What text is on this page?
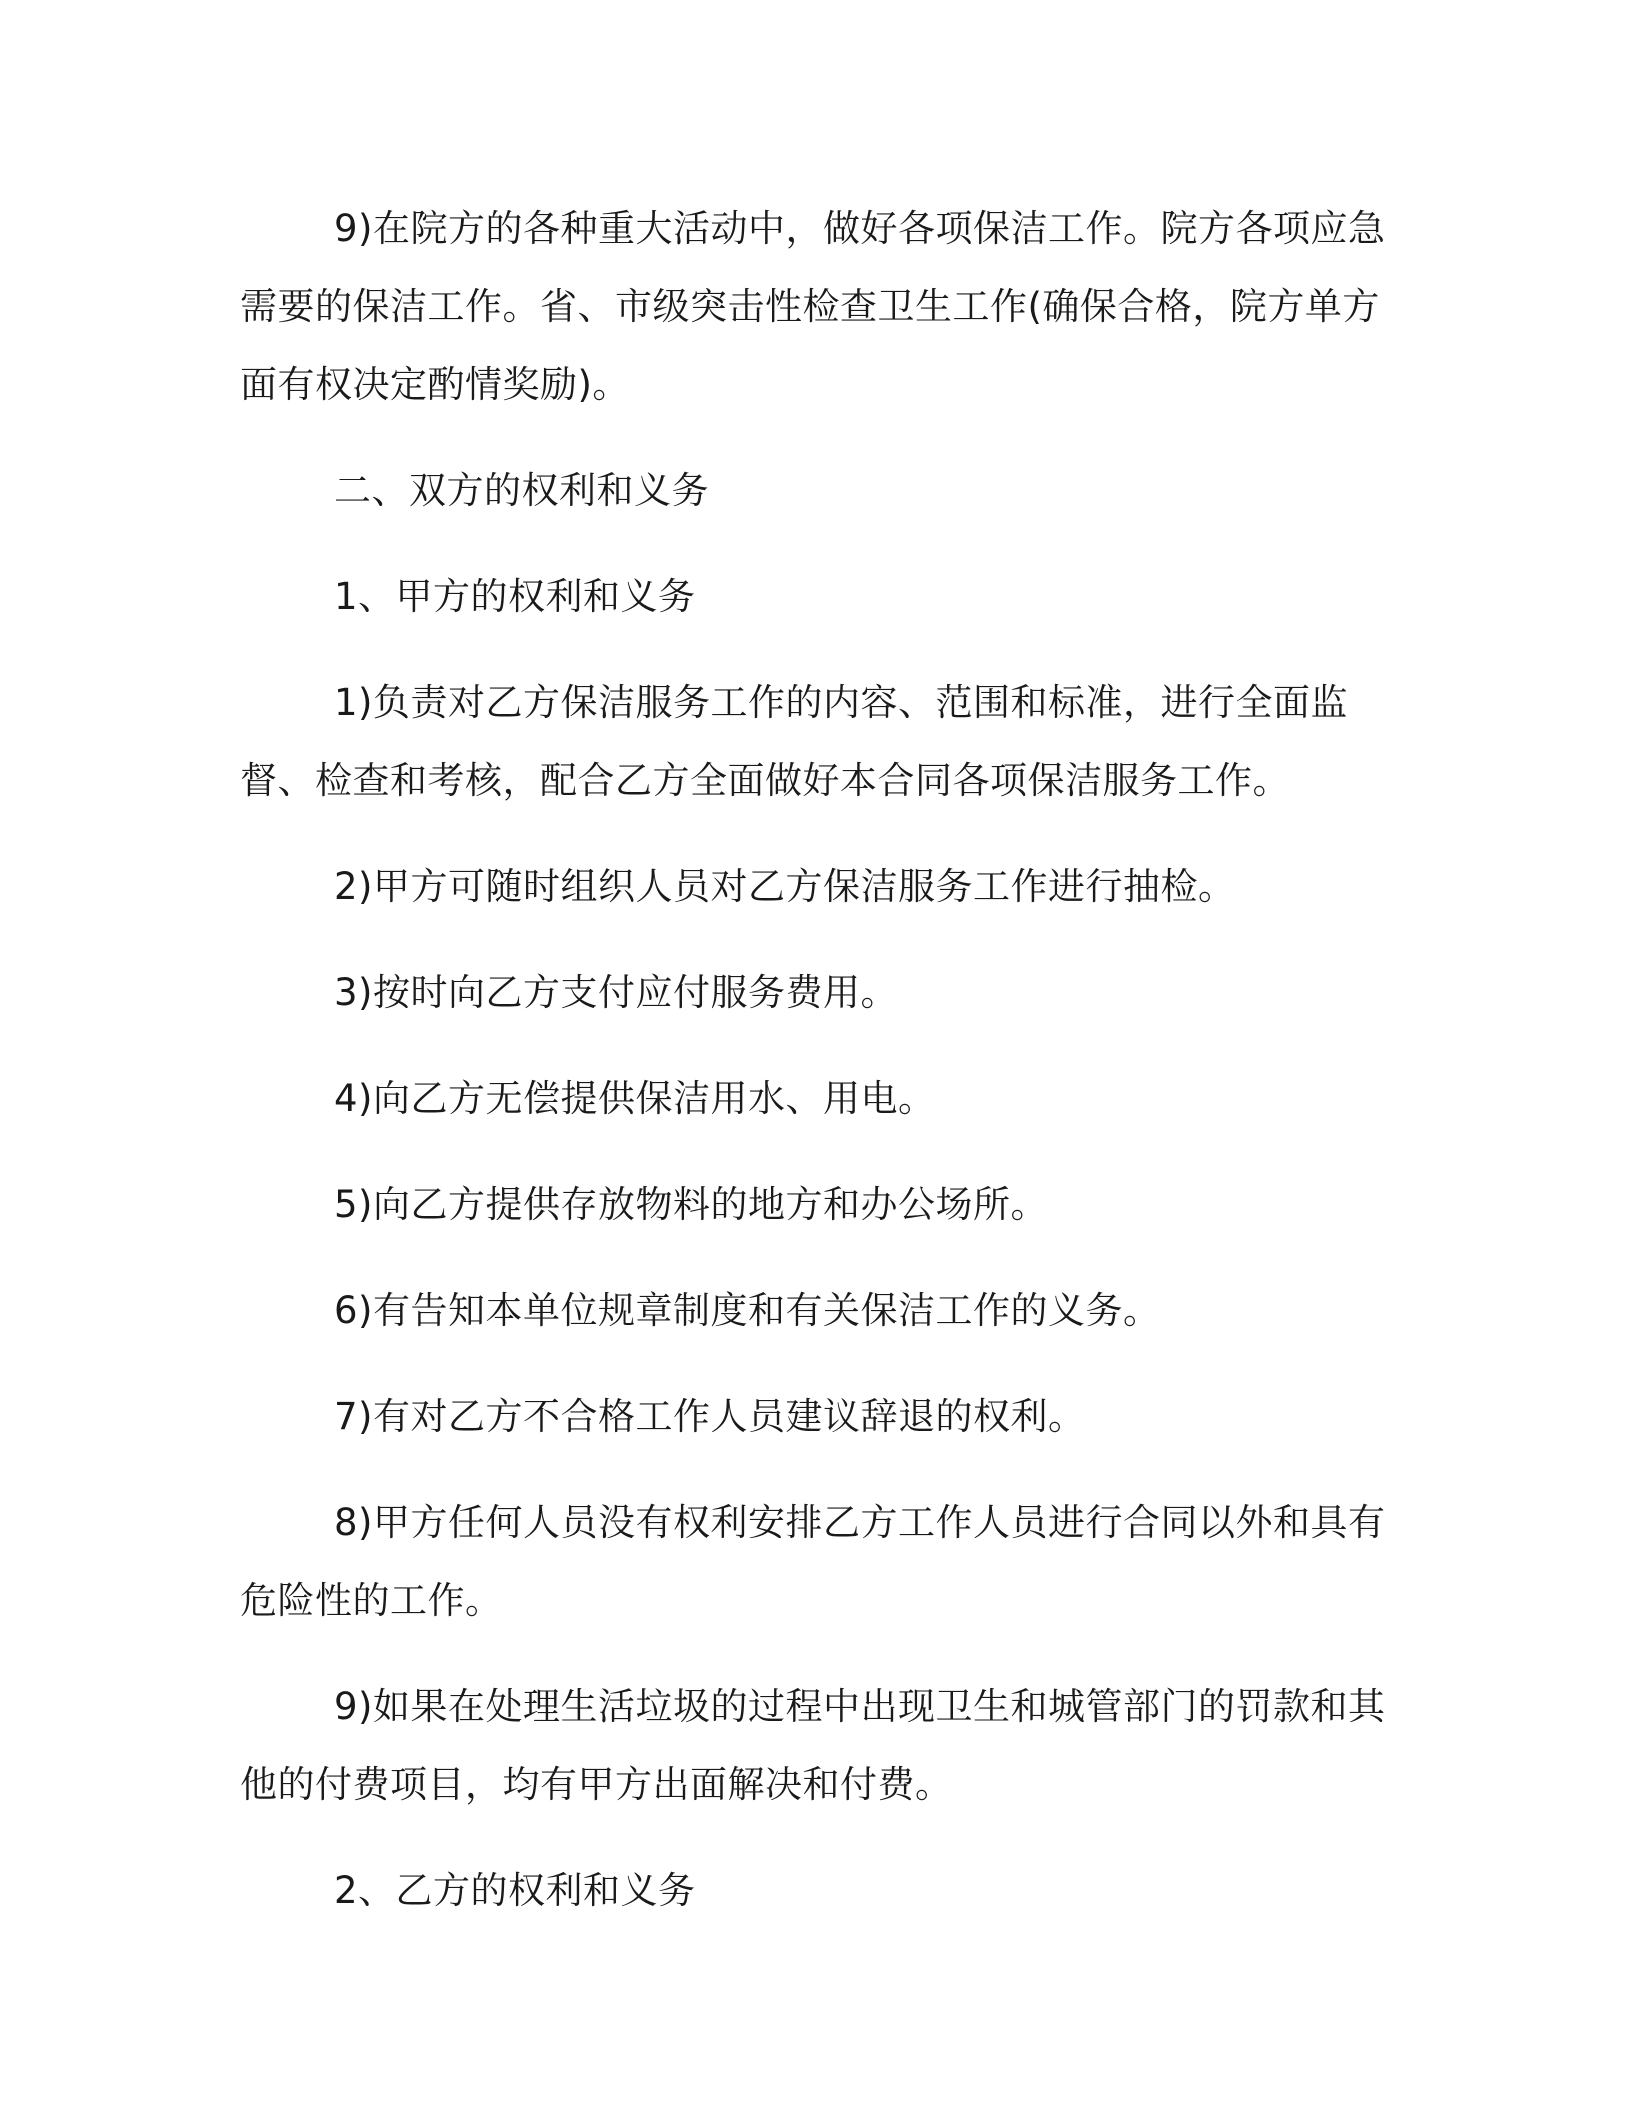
9)在院方的各种重大活动中，做好各项保洁工作。院方各项应急需要的保洁工作。省、市级突击性检查卫生工作(确保合格，院方单方面有权决定酌情奖励)。

二、双方的权利和义务

1、甲方的权利和义务

1)负责对乙方保洁服务工作的内容、范围和标准，进行全面监督、检查和考核，配合乙方全面做好本合同各项保洁服务工作。

2)甲方可随时组织人员对乙方保洁服务工作进行抽检。

3)按时向乙方支付应付服务费用。

4)向乙方无偿提供保洁用水、用电。

5)向乙方提供存放物料的地方和办公场所。

6)有告知本单位规章制度和有关保洁工作的义务。

7)有对乙方不合格工作人员建议辞退的权利。

8)甲方任何人员没有权利安排乙方工作人员进行合同以外和具有危险性的工作。

9)如果在处理生活垃圾的过程中出现卫生和城管部门的罚款和其他的付费项目，均有甲方出面解决和付费。

2、乙方的权利和义务
